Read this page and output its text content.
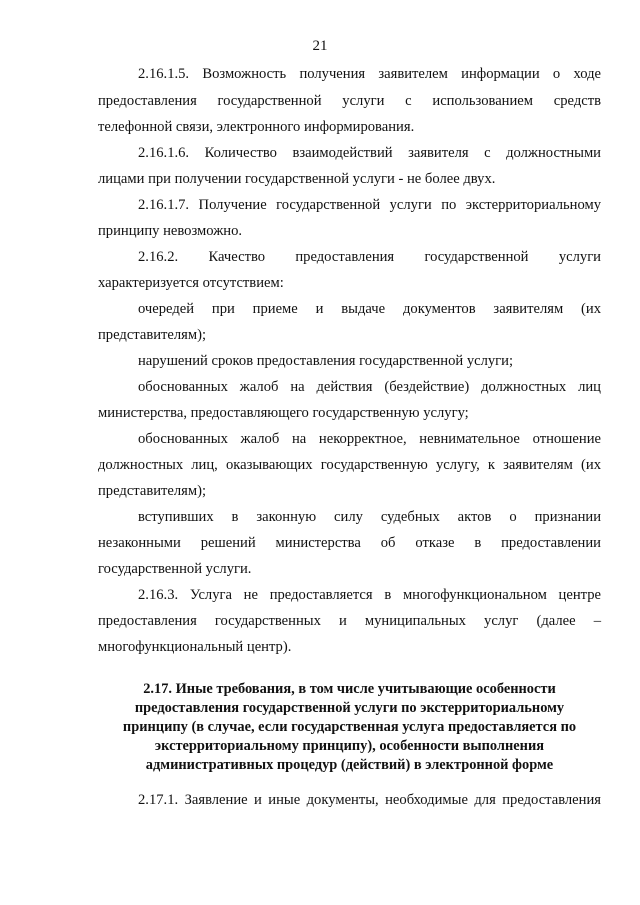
21
2.16.1.5. Возможность получения заявителем информации о ходе
предоставления государственной услуги с использованием средств
телефонной связи, электронного информирования.
2.16.1.6. Количество взаимодействий заявителя с должностными
лицами при получении государственной услуги - не более двух.
2.16.1.7. Получение государственной услуги по экстерриториальному
принципу невозможно.
2.16.2. Качество предоставления государственной услуги
характеризуется отсутствием:
очередей при приеме и выдаче документов заявителям (их
представителям);
нарушений сроков предоставления государственной услуги;
обоснованных жалоб на действия (бездействие) должностных лиц
министерства, предоставляющего государственную услугу;
обоснованных жалоб на некорректное, невнимательное отношение
должностных лиц, оказывающих государственную услугу, к заявителям (их
представителям);
вступивших в законную силу судебных актов о признании
незаконными решений министерства об отказе в предоставлении
государственной услуги.
2.16.3. Услуга не предоставляется в многофункциональном центре
предоставления государственных и муниципальных услуг (далее –
многофункциональный центр).
2.17. Иные требования, в том числе учитывающие особенности
предоставления государственной услуги по экстерриториальному
принципу (в случае, если государственная услуга предоставляется по
экстерриториальному принципу), особенности выполнения
административных процедур (действий) в электронной форме
2.17.1. Заявление и иные документы, необходимые для предоставления
